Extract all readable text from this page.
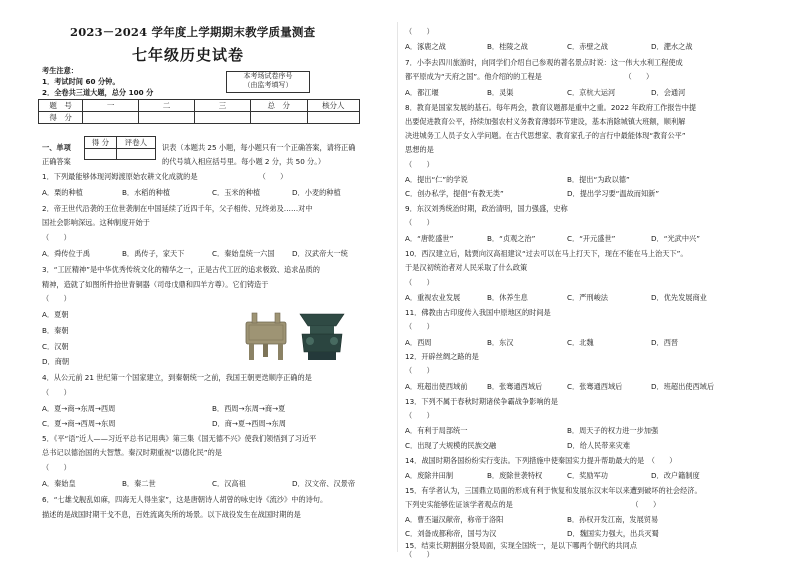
2023－2024 学年度上学期期末教学质量测查
七年级历史试卷
考生注意：
1．考试时间 60 分钟。
2．全卷共三道大题，总分 100 分
本考场试卷序号
（由监考填写）
题　号	一	二	三	总　分	核分人
得　分					
一、单项
得 分	评卷人

识表（本题共 25 小题，每小题只有一个正确答案，请将正确
正确答案	的代号填入相应括号里。每小题 2 分，共 50 分。）
1．下列最能够体现河姆渡原始农耕文化成就的是　　　　　　　　　（　　）
A．栗的种植	B．水稻的种植	C．玉米的种植	D．小麦的种植
2．帝王世代沿袭的王位世袭制在中国延续了近四千年，父子相传、兄终弟及……对中
国社会影响深远。这种制度开始于
（　　）
A．舜传位于禹	B．禹传子，家天下	C．秦始皇统一六国 D．汉武帝大一统
3．“工匠精神”是中华优秀传统文化的精华之一，正是古代工匠的追求极致、追求品质的
精神，造就了如图所件拾世青铜器（司母戊鼎和四羊方尊）。它们铸造于
（　　）
A．夏朝
B．秦朝
C．汉朝
D．商朝
4．从公元前 21 世纪第一个国家建立，到秦朝统一之前，我国王朝更迭顺序正确的是
（　　）
A．夏→商→东周→西周	B．西周→东周→商→夏
C．夏→商→西周→东周	D．商→夏→西周→东周
5．《平“语”近人——习近平总书记用典》第三集《国无德不兴》使我们领悟到了习近平
总书记以德治国的大智慧。秦汉时期重视“以德化民”的是
（　　）
A．秦始皇	B．秦二世	C．汉高祖	D．汉文帝、汉景帝
6．“七雄戈舰乱如麻，四海无人得坐家”，这是唐朝诗人胡曾的咏史诗《流沙》中的诗句。
描述的是战国时期干戈不息，百姓流离失所的场景。以下战役发生在战国时期的是
（　　）
A．涿鹿之战	B．桂陵之战	C．赤壁之战	D．淝水之战
7．小李去四川旅游时，向同学们介绍自己参观的著名景点时说：这一伟大水利工程使成
都平原成为“天府之国”。他介绍的的工程是　　　　　　　　　　　　（　　）
A．都江堰	B．灵渠	C．京杭大运河	D．会通河
8．教育是国家发展的基石。每年两会，教育议题都是重中之重。2022 年政府工作报告中提
出要促进教育公平，持续加强农村义务教育薄弱环节建设，基本消除城镇大班额，顺利解
决进城务工人员子女入学问题。在古代思想家、教育家孔子的言行中最能体现“教育公平”
思想的是
（　　）
A．提出“仁”的学说	B．提出“为政以德”
C．创办私学，提倡“有教无类”	D．提出学习要“温故而知新”
9．东汉刘秀统治时期，政治清明，国力强盛，史称
（　　）
A．“唐乾盛世”	B．“贞观之治”	C．“开元盛世”	D．“光武中兴”
10．西汉建立后，陆贾向汉高祖建议“过去可以在马上打天下，现在不能在马上治天下”。
于是汉初统治者对人民采取了什么政策
（　　）
A．重视农业发展	B．休养生息	C．严刑峻法	D．优先发展商业
11．佛教由古印度传入我国中原地区的时间是
（　　）
A．西周	B．东汉	C．北魏	D．西晋
12．开辟丝绸之路的是
（　　）
A．班超出使西域前	B．张骞通西域后	C．张骞通西域后	D．班超出使西域后
13．下列不属于春秋时期诸侯争霸战争影响的是
（　　）
A．有利于局部统一	B．周天子的权力进一步加强
C．出现了大规模的民族交融	D．给人民带来灾难
14．战国时期各国纷纷实行变法。下列措施中使秦国实力提升帮助最大的是　（　　）
A．废除井田制	B．废除世袭特权	C．奖励军功	D．改户籍制度
15．有学者认为，三国鼎立局面的形成有利于恢复和发展东汉末年以来遭到破坏的社会经济。
下列史实能够佐证该学者观点的是　　　　　　　　　　　　　　　　　（　　）
A．曹丕逼汉献帝，称帝于洛阳	B．孙权开发江南，发展贸易
C．刘备成都称帝，国号为汉	D．魏国实力强大，出兵灭蜀
15．结束长期割据分裂局面，实现全国统一，是以下哪两个朝代的共同点
（　　）
